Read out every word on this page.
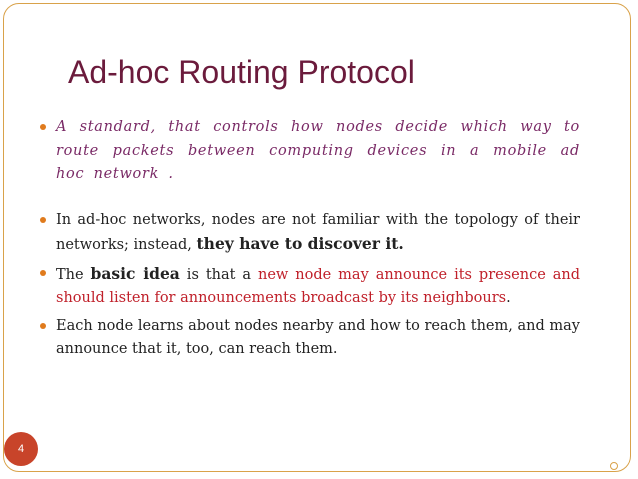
Ad-hoc Routing Protocol
A standard, that controls how nodes decide which way to route packets between computing devices in a mobile ad hoc network .
In ad-hoc networks, nodes are not familiar with the topology of their networks; instead, they have to discover it.
The basic idea is that a new node may announce its presence and should listen for announcements broadcast by its neighbours.
Each node learns about nodes nearby and how to reach them, and may announce that it, too, can reach them.
4
